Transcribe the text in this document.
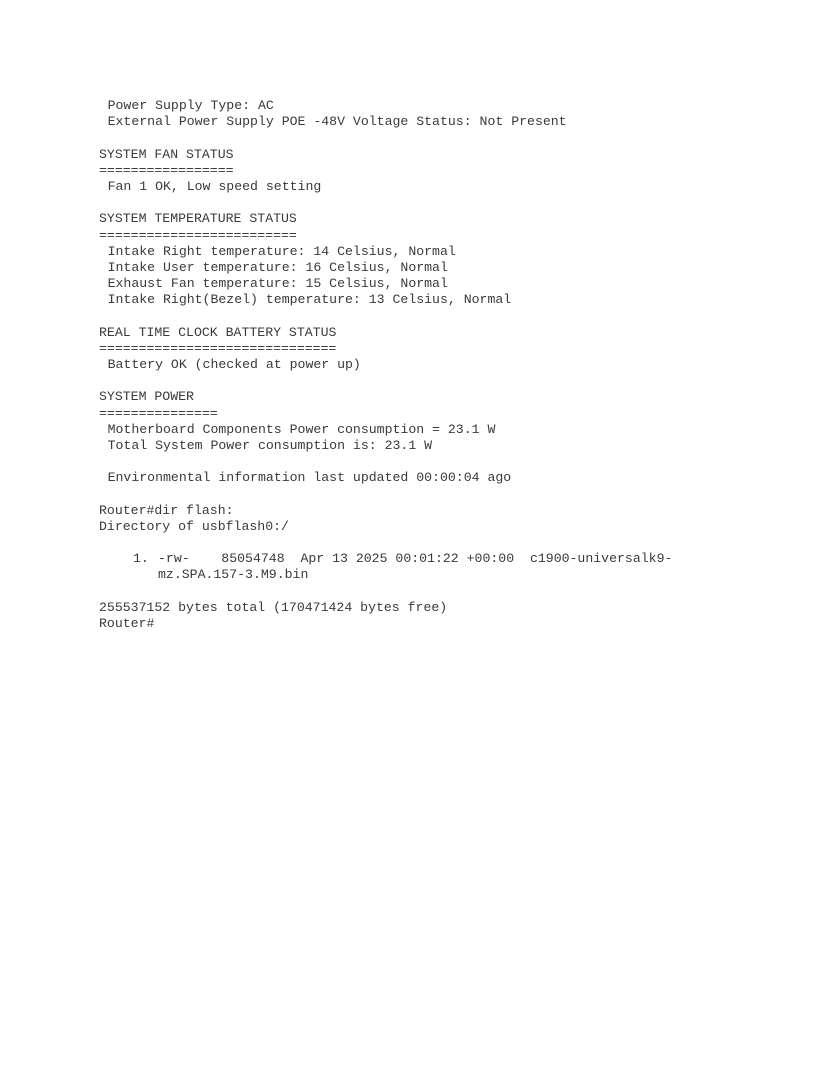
Power Supply Type: AC
External Power Supply POE -48V Voltage Status: Not Present
SYSTEM FAN STATUS
=================
Fan 1 OK, Low speed setting
SYSTEM TEMPERATURE STATUS
=========================
Intake Right temperature: 14 Celsius, Normal
Intake User temperature: 16 Celsius, Normal
Exhaust Fan temperature: 15 Celsius, Normal
Intake Right(Bezel) temperature: 13 Celsius, Normal
REAL TIME CLOCK BATTERY STATUS
==============================
Battery OK (checked at power up)
SYSTEM POWER
===============
Motherboard Components Power consumption = 23.1 W
Total System Power consumption is: 23.1 W
Environmental information last updated 00:00:04 ago
Router#dir flash:
Directory of usbflash0:/
1. -rw-    85054748  Apr 13 2025 00:01:22 +00:00  c1900-universalk9-
mz.SPA.157-3.M9.bin
255537152 bytes total (170471424 bytes free)
Router#
